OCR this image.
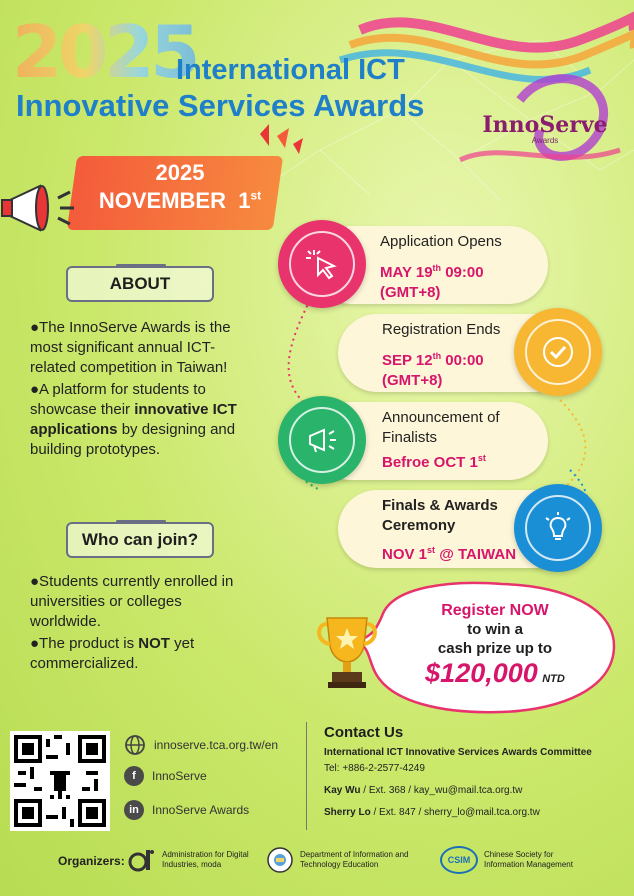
2025
International ICT
Innovative Services Awards
InnoServe
Awards
2025
NOVEMBER 1st
ABOUT

●The InnoServe Awards is the most significant annual ICT-related competition in Taiwan!

●A platform for students to showcase their innovative ICT applications by designing and building prototypes.

Who can join?

●Students currently enrolled in universities or colleges worldwide.

●The product is NOT yet commercialized.

Application Opens
MAY 19th 09:00
(GMT+8)
Registration Ends
SEP 12th 00:00
(GMT+8)
Announcement of Finalists
Befroe OCT 1st
Finals & Awards Ceremony
NOV 1st @ TAIWAN
Register NOW
to win a
cash prize up to
$120,000 NTD
innoserve.tca.org.tw/en
f	InnoServe
in	InnoServe Awards
Contact Us
International ICT Innovative Services Awards Committee
Tel: +886-2-2577-4249
Kay Wu / Ext. 368 / kay_wu@mail.tca.org.tw
Sherry Lo / Ext. 847 / sherry_lo@mail.tca.org.tw
Organizers:	Administration for Digital Industries, moda
Department of Information and Technology Education	CSIM
Chinese Society for Information Management
